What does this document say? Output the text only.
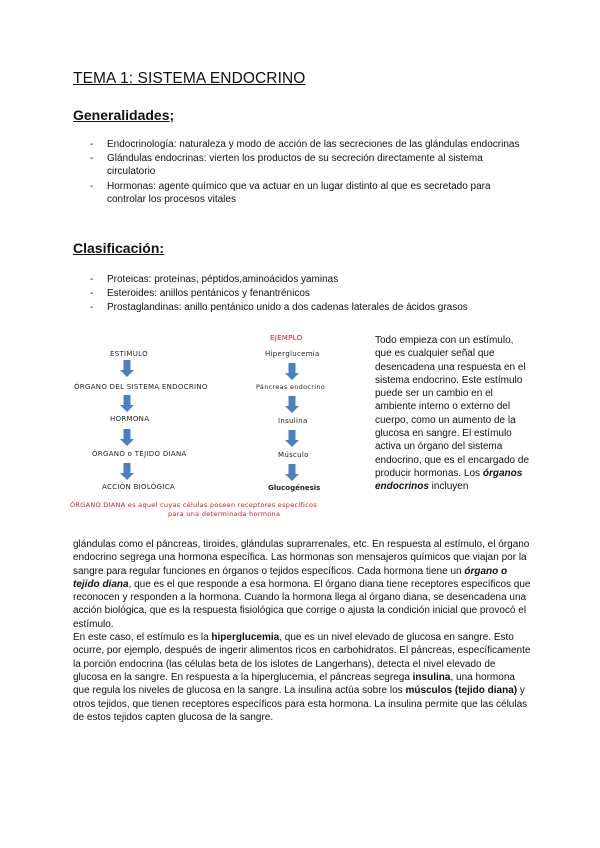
TEMA 1: SISTEMA ENDOCRINO
Generalidades;
- Endocrinología: naturaleza y modo de acción de las secreciones de las glándulas endocrinas
- Glándulas endocrinas: vierten los productos de su secreción directamente al sistema circulatorio
- Hormonas: agente químico que va actuar en un lugar distinto al que es secretado para controlar los procesos vitales
Clasificación:
- Proteicas: proteínas, péptidos,aminoácidos yaminas
- Esteroides: anillos pentánicos y fenantrénicos
- Prostaglandinas: anillo pentánico unido a dos cadenas laterales de ácidos grasos
ESTIMULO
ÓRGANO DEL SISTEMA ENDOCRINO
HORMONA
ÓRGANO o TEJIDO DIANA
ACCIÓN BIOLÓGICA
EJEMPLO
Hiperglucemia
Páncreas endocrino
Insulina
Músculo
Glucogénesis
ÓRGANO DIANA es aquel cuyas células poseen receptores específicos
para una determinada hormona
Todo empieza con un estímulo, que es cualquier señal que desencadena una respuesta en el sistema endocrino. Este estímulo puede ser un cambio en el ambiente interno o externo del cuerpo, como un aumento de la glucosa en sangre. El estímulo activa un órgano del sistema endocrino, que es el encargado de producir hormonas. Los órganos endocrinos incluyen

glándulas como el páncreas, tiroides, glándulas suprarrenales, etc. En respuesta al estímulo, el órgano endocrino segrega una hormona específica. Las hormonas son mensajeros químicos que viajan por la sangre para regular funciones en órganos o tejidos específicos. Cada hormona tiene un órgano o tejido diana, que es el que responde a esa hormona. El órgano diana tiene receptores específicos que reconocen y responden a la hormona. Cuando la hormona llega al órgano diana, se desencadena una acción biológica, que es la respuesta fisiológica que corrige o ajusta la condición inicial que provocó el estímulo.

En este caso, el estímulo es la hiperglucemia, que es un nivel elevado de glucosa en sangre. Esto ocurre, por ejemplo, después de ingerir alimentos ricos en carbohidratos. El páncreas, específicamente la porción endocrina (las células beta de los islotes de Langerhans), detecta el nivel elevado de glucosa en la sangre. En respuesta a la hiperglucemia, el páncreas segrega insulina, una hormona que regula los niveles de glucosa en la sangre. La insulina actúa sobre los músculos (tejido diana) y otros tejidos, que tienen receptores específicos para esta hormona. La insulina permite que las células de estos tejidos capten glucosa de la sangre.
